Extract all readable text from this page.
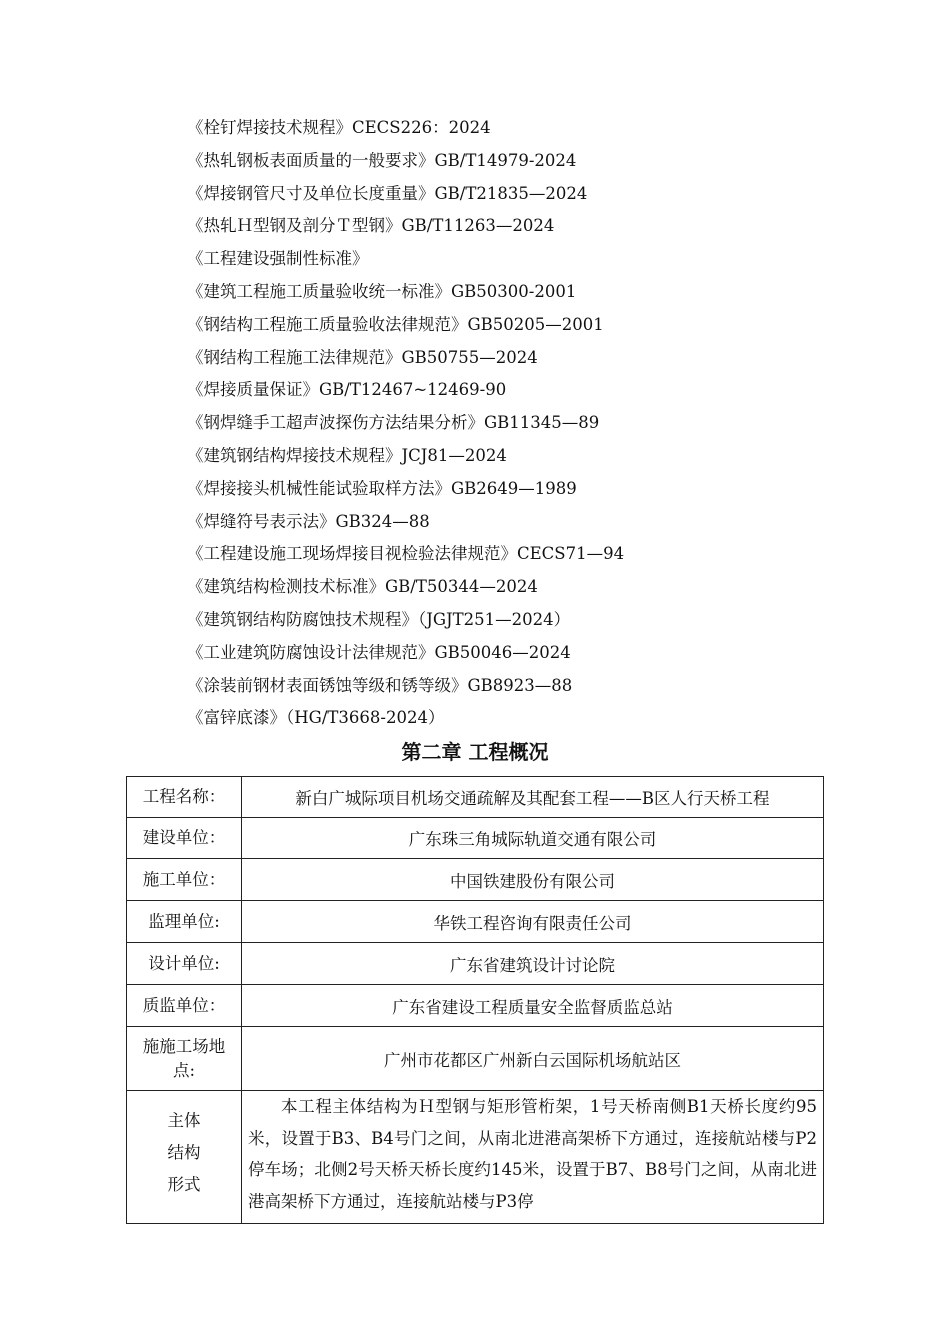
《栓钉焊接技术规程》CECS226：2024
《热轧钢板表面质量的一般要求》GB/T14979-2024
《焊接钢管尺寸及单位长度重量》GB/T21835—2024
《热轧Ｈ型钢及剖分Ｔ型钢》GB/T11263—2024
《工程建设强制性标准》
《建筑工程施工质量验收统一标准》GB50300-2001
《钢结构工程施工质量验收法律规范》GB50205—2001
《钢结构工程施工法律规范》GB50755—2024
《焊接质量保证》GB/T12467~12469-90
《钢焊缝手工超声波探伤方法结果分析》GB11345—89
《建筑钢结构焊接技术规程》JCJ81—2024
《焊接接头机械性能试验取样方法》GB2649—1989
《焊缝符号表示法》GB324—88
《工程建设施工现场焊接目视检验法律规范》CECS71—94
《建筑结构检测技术标准》GB/T50344—2024
《建筑钢结构防腐蚀技术规程》（JGJT251—2024）
《工业建筑防腐蚀设计法律规范》GB50046—2024
《涂装前钢材表面锈蚀等级和锈等级》GB8923—88
《富锌底漆》（HG/T3668-2024）
第二章 工程概况
工程名称：	新白广城际项目机场交通疏解及其配套工程——B区人行天桥工程
建设单位：	广东珠三角城际轨道交通有限公司
施工单位：	中国铁建股份有限公司
监理单位:	华铁工程咨询有限责任公司
设计单位:	广东省建筑设计讨论院
质监单位：	广东省建设工程质量安全监督质监总站
施施工场地点:	广州市花都区广州新白云国际机场航站区

主体
结构
形式	本工程主体结构为Ｈ型钢与矩形管桁架，1号天桥南侧B1天桥长度约95米，设置于B3、B4号门之间，从南北进港高架桥下方通过，连接航站楼与P2停车场；北侧2号天桥天桥长度约145米，设置于B7、B8号门之间，从南北进港高架桥下方通过，连接航站楼与P3停
